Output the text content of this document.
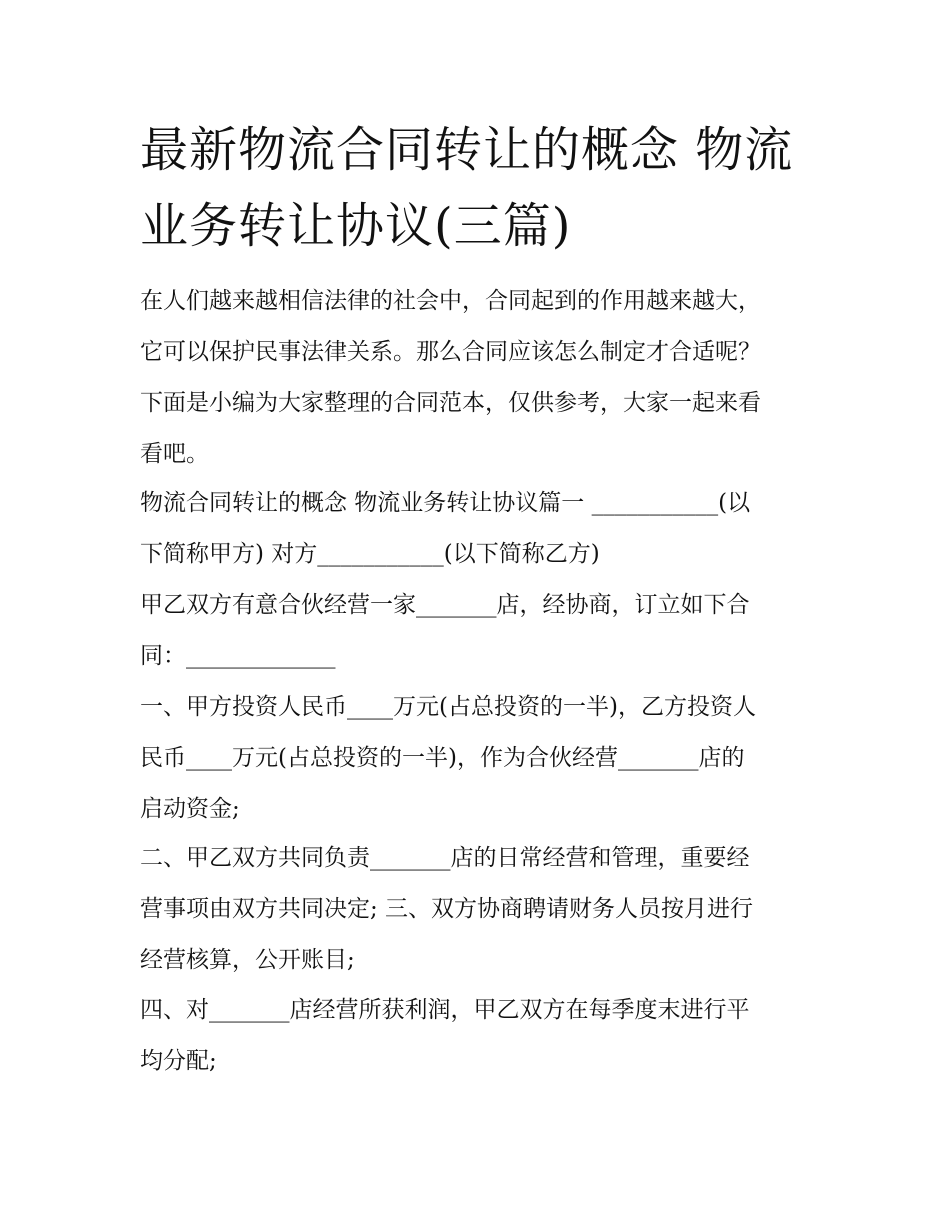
最新物流合同转让的概念 物流
业务转让协议(三篇)

在人们越来越相信法律的社会中，合同起到的作用越来越大，
它可以保护民事法律关系。那么合同应该怎么制定才合适呢？
下面是小编为大家整理的合同范本，仅供参考，大家一起来看
看吧。

物流合同转让的概念 物流业务转让协议篇一 ___________(以
下简称甲方) 对方___________(以下简称乙方)

甲乙双方有意合伙经营一家_______店，经协商，订立如下合
同：_____________

一、甲方投资人民币____万元(占总投资的一半)，乙方投资人
民币____万元(占总投资的一半)，作为合伙经营_______店的
启动资金;

二、甲乙双方共同负责_______店的日常经营和管理，重要经
营事项由双方共同决定; 三、双方协商聘请财务人员按月进行
经营核算，公开账目;

四、对_______店经营所获利润，甲乙双方在每季度末进行平
均分配;
